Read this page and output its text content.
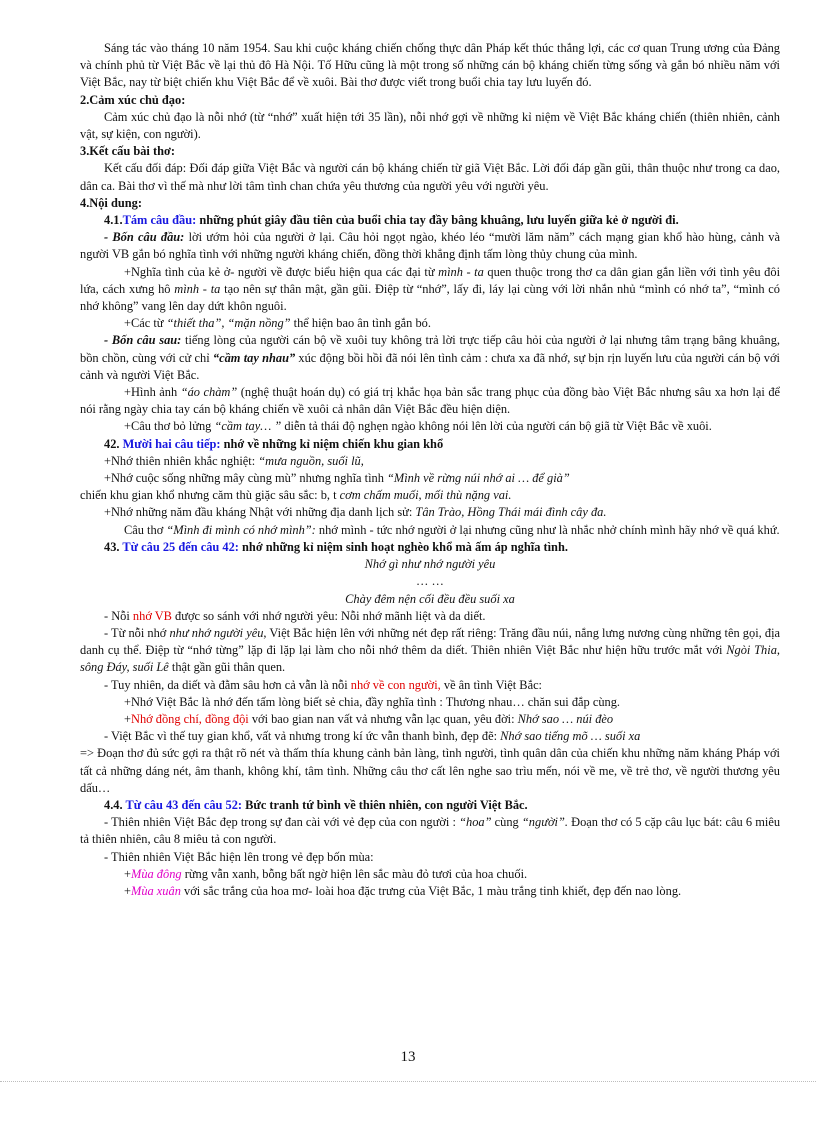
Sáng tác vào tháng 10 năm 1954. Sau khi cuộc kháng chiến chống thực dân Pháp kết thúc thắng lợi, các cơ quan Trung ương của Đảng và chính phủ từ Việt Bắc về lại thủ đô Hà Nội. Tố Hữu cũng là một trong số những cán bộ kháng chiến từng sống và gắn bó nhiều năm với Việt Bắc, nay từ biệt chiến khu Việt Bắc để về xuôi. Bài thơ được viết trong buổi chia tay lưu luyến đó.

2.Cảm xúc chủ đạo:

Cảm xúc chủ đạo là nỗi nhớ (từ “nhớ” xuất hiện tới 35 lần), nỗi nhớ gợi về những kỉ niệm về Việt Bắc kháng chiến (thiên nhiên, cảnh vật, sự kiện, con người).

3.Kết cấu bài thơ:

Kết cấu đối đáp: Đối đáp giữa Việt Bắc và người cán bộ kháng chiến từ giã Việt Bắc. Lời đối đáp gần gũi, thân thuộc như trong ca dao, dân ca. Bài thơ vì thế mà như lời tâm tình chan chứa yêu thương của người yêu với người yêu.

4.Nội dung:

4.1.Tám câu đầu: những phút giây đầu tiên của buổi chia tay đầy bâng khuâng, lưu luyến giữa kẻ ở người đi.

- Bốn câu đầu: lời ướm hỏi của người ở lại. Câu hỏi ngọt ngào, khéo léo “mười lăm năm” cách mạng gian khổ hào hùng, cảnh và người VB gắn bó nghĩa tình với những người kháng chiến, đồng thời khẳng định tấm lòng thủy chung của mình.

+Nghĩa tình của kẻ ở- người về được biểu hiện qua các đại từ mình - ta quen thuộc trong thơ ca dân gian gắn liền với tình yêu đôi lứa, cách xưng hô mình - ta tạo nên sự thân mật, gần gũi. Điệp từ “nhớ”, lấy đi, láy lại cùng với lời nhắn nhủ “mình có nhớ ta”, “mình có nhớ không” vang lên day dứt khôn nguôi.

+Các từ “thiết tha”, “mặn nồng” thể hiện bao ân tình gắn bó.

- Bốn câu sau: tiếng lòng của người cán bộ về xuôi tuy không trả lời trực tiếp câu hỏi của người ở lại nhưng tâm trạng bâng khuâng, bồn chồn, cùng với cử chỉ “cầm tay nhau” xúc động bồi hồi đã nói lên tình cảm : chưa xa đã nhớ, sự bịn rịn luyến lưu của người cán bộ với cảnh và người Việt Bắc.

+Hình ảnh “áo chàm” (nghệ thuật hoán dụ) có giá trị khắc họa bản sắc trang phục của đồng bào Việt Bắc nhưng sâu xa hơn lại để nói rằng ngày chia tay cán bộ kháng chiến về xuôi cả nhân dân Việt Bắc đều hiện diện.

+Câu thơ bỏ lửng “cầm tay… ” diễn tả thái độ nghẹn ngào không nói lên lời của người cán bộ giã từ Việt Bắc về xuôi.

42. Mười hai câu tiếp: nhớ về những kỉ niệm chiến khu gian khổ

+Nhớ thiên nhiên khắc nghiệt: “mưa nguồn, suối lũ,

+Nhớ cuộc sống những mây cùng mù” nhưng nghĩa tình “Mình về rừng núi nhớ ai … để già”

chiến khu gian khổ nhưng căm thù giặc sâu sắc: b, t cơm chấm muối, mối thù nặng vai.

+Nhớ những năm đầu kháng Nhật với những địa danh lịch sử: Tân Trào, Hồng Thái mái đình cây đa.

Câu thơ “Mình đi mình có nhớ mình”: nhớ mình - tức nhớ người ở lại nhưng cũng như là nhắc nhở chính mình hãy nhớ về quá khứ.

43. Từ câu 25 đến câu 42: nhớ những kỉ niệm sinh hoạt nghèo khổ mà ấm áp nghĩa tình.

Nhớ gì như nhớ người yêu

… …

Chày đêm nện cối đều đều suối xa

- Nỗi nhớ VB được so sánh với nhớ người yêu: Nỗi nhớ mãnh liệt và da diết.

- Từ nỗi nhớ như nhớ người yêu, Việt Bắc hiện lên với những nét đẹp rất riêng: Trăng đầu núi, nắng lưng nương cùng những tên gọi, địa danh cụ thể. Điệp từ “nhớ từng” lặp đi lặp lại làm cho nỗi nhớ thêm da diết. Thiên nhiên Việt Bắc như hiện hữu trước mắt với Ngòi Thia, sông Đáy, suối Lê thật gần gũi thân quen.

- Tuy nhiên, da diết và đằm sâu hơn cả vẫn là nỗi nhớ về con người, về ân tình Việt Bắc:

+Nhớ Việt Bắc là nhớ đến tấm lòng biết sẻ chia, đầy nghĩa tình : Thương nhau… chăn sui đắp cùng.

+Nhớ đồng chí, đồng đội với bao gian nan vất vả nhưng vẫn lạc quan, yêu đời: Nhớ sao … núi đèo

- Việt Bắc vì thế tuy gian khổ, vất vả nhưng trong kí ức vẫn thanh bình, đẹp đẽ: Nhớ sao tiếng mõ … suối xa

=> Đoạn thơ đủ sức gợi ra thật rõ nét và thấm thía khung cảnh bản làng, tình người, tình quân dân của chiến khu những năm kháng Pháp với tất cả những dáng nét, âm thanh, không khí, tâm tình. Những câu thơ cất lên nghe sao trìu mến, nói về me, về trẻ thơ, về người thương yêu dấu…

4.4. Từ câu 43 đến câu 52: Bức tranh tứ bình về thiên nhiên, con người Việt Bắc.

- Thiên nhiên Việt Bắc đẹp trong sự đan cài với vẻ đẹp của con người : “hoa” cùng “người”. Đoạn thơ có 5 cặp câu lục bát: câu 6 miêu tả thiên nhiên, câu 8 miêu tả con người.

- Thiên nhiên Việt Bắc hiện lên trong vẻ đẹp bốn mùa:

+Mùa đông rừng vẫn xanh, bỗng bất ngờ hiện lên sắc màu đỏ tươi của hoa chuối.

+Mùa xuân với sắc trắng của hoa mơ- loài hoa đặc trưng của Việt Bắc, 1 màu trắng tinh khiết, đẹp đến nao lòng.

13
